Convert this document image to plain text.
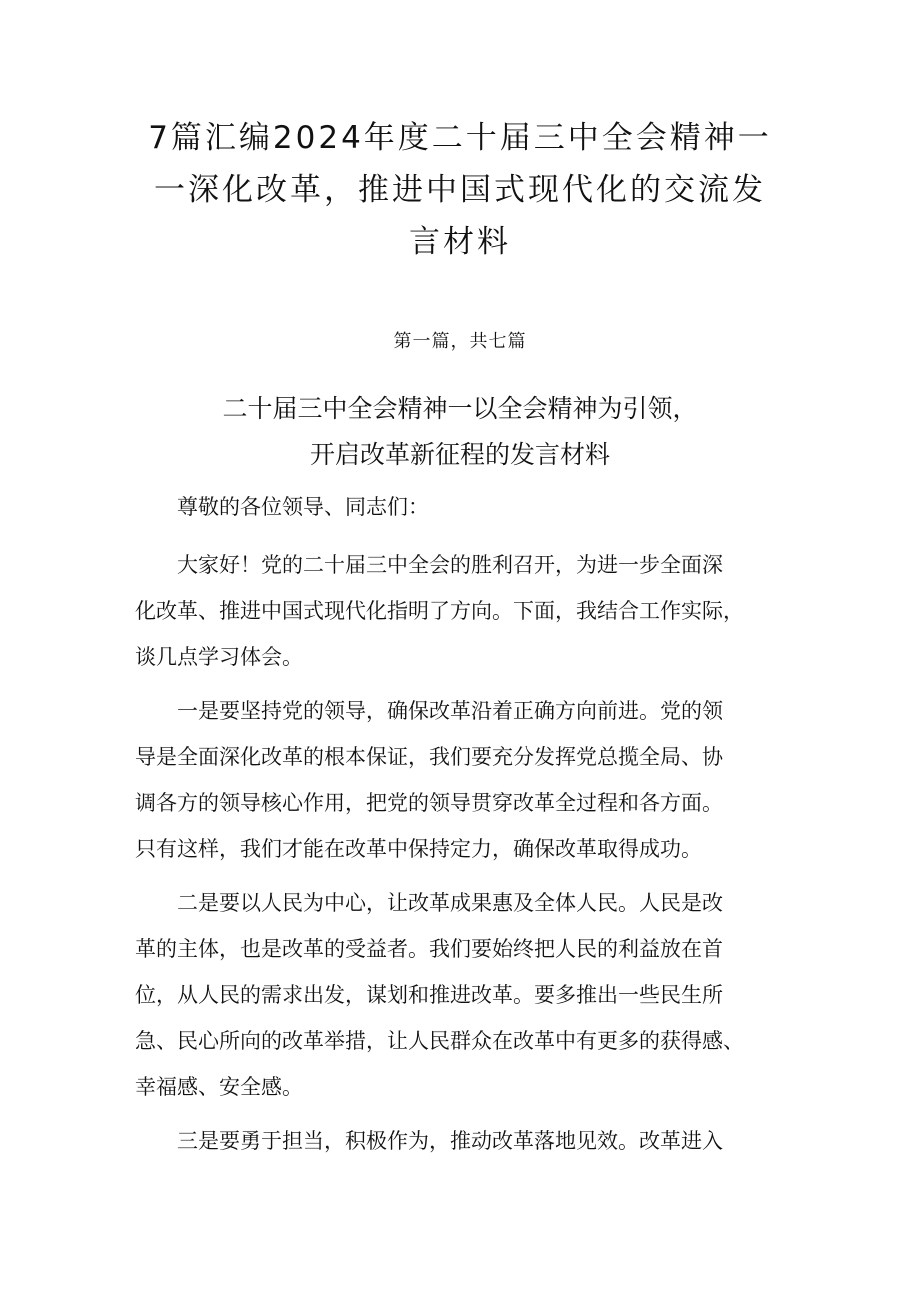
7篇汇编2024年度二十届三中全会精神一
一深化改革，推进中国式现代化的交流发
言材料
第一篇，共七篇
二十届三中全会精神一以全会精神为引领，
开启改革新征程的发言材料

尊敬的各位领导、同志们：

　　大家好！党的二十届三中全会的胜利召开，为进一步全面深
化改革、推进中国式现代化指明了方向。下面，我结合工作实际，
谈几点学习体会。

　　一是要坚持党的领导，确保改革沿着正确方向前进。党的领
导是全面深化改革的根本保证，我们要充分发挥党总揽全局、协
调各方的领导核心作用，把党的领导贯穿改革全过程和各方面。
只有这样，我们才能在改革中保持定力，确保改革取得成功。

　　二是要以人民为中心，让改革成果惠及全体人民。人民是改
革的主体，也是改革的受益者。我们要始终把人民的利益放在首
位，从人民的需求出发，谋划和推进改革。要多推出一些民生所
急、民心所向的改革举措，让人民群众在改革中有更多的获得感、
幸福感、安全感。

　　三是要勇于担当，积极作为，推动改革落地见效。改革进入
